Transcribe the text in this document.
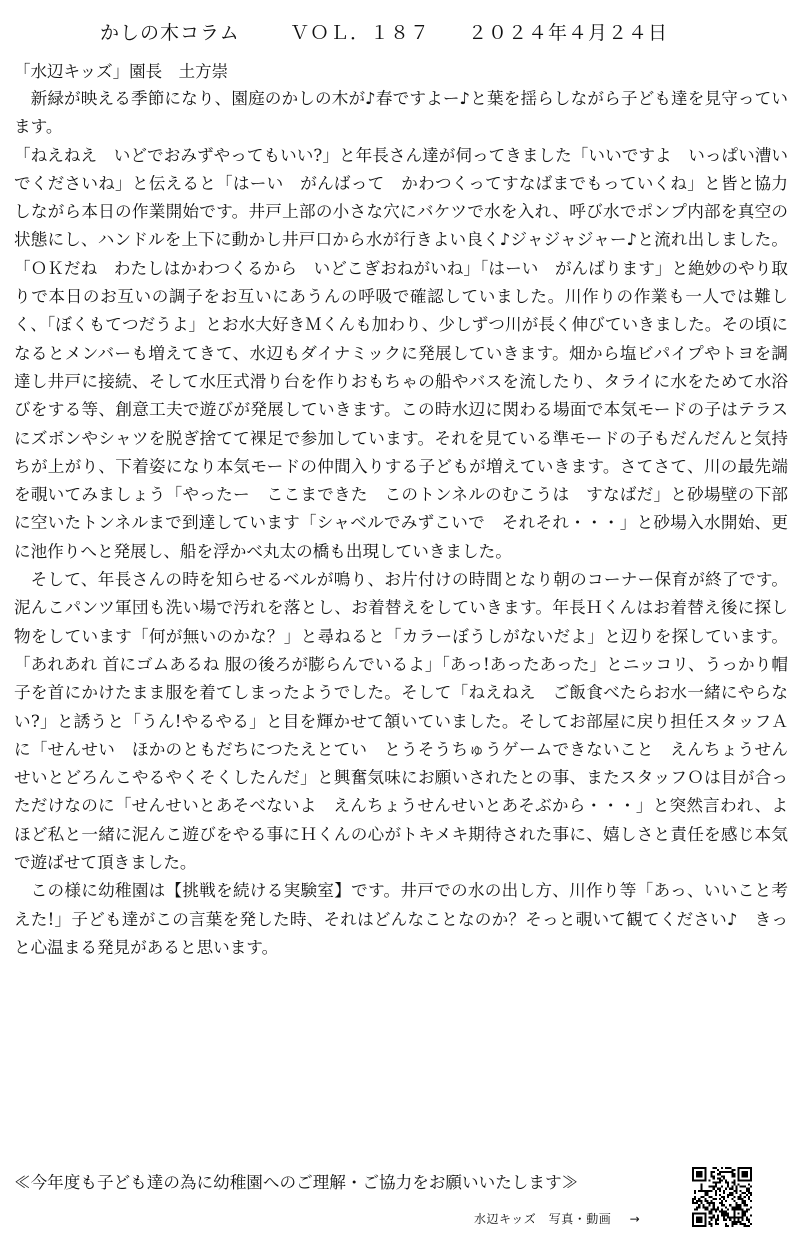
かしの木コラム	ＶＯＬ．１８７ ２０２４年４月２４日
「水辺キッズ」園長　土方崇

新緑が映える季節になり、園庭のかしの木が♪春ですよー♪と葉を揺らしながら子ども達を見守っています。

「ねえねえ　いどでおみずやってもいい?」と年長さん達が伺ってきました「いいですよ　いっぱい漕いでくださいね」と伝えると「はーい　がんばって　かわつくってすなばまでもっていくね」と皆と協力しながら本日の作業開始です。井戸上部の小さな穴にバケツで水を入れ、呼び水でポンプ内部を真空の状態にし、ハンドルを上下に動かし井戸口から水が行きよい良く♪ジャジャジャー♪と流れ出しました。「ＯＫだね　わたしはかわつくるから　いどこぎおねがいね」「はーい　がんばります」と絶妙のやり取りで本日のお互いの調子をお互いにあうんの呼吸で確認していました。川作りの作業も一人では難しく、「ぼくもてつだうよ」とお水大好きＭくんも加わり、少しずつ川が長く伸びていきました。その頃になるとメンバーも増えてきて、水辺もダイナミックに発展していきます。畑から塩ビパイプやトヨを調達し井戸に接続、そして水圧式滑り台を作りおもちゃの船やバスを流したり、タライに水をためて水浴びをする等、創意工夫で遊びが発展していきます。この時水辺に関わる場面で本気モードの子はテラスにズボンやシャツを脱ぎ捨てて裸足で参加しています。それを見ている準モードの子もだんだんと気持ちが上がり、下着姿になり本気モードの仲間入りする子どもが増えていきます。さてさて、川の最先端を覗いてみましょう「やったー　ここまできた　このトンネルのむこうは　すなばだ」と砂場壁の下部に空いたトンネルまで到達しています「シャベルでみずこいで　それそれ・・・」と砂場入水開始、更に池作りへと発展し、船を浮かべ丸太の橋も出現していきました。

そして、年長さんの時を知らせるベルが鳴り、お片付けの時間となり朝のコーナー保育が終了です。泥んこパンツ軍団も洗い場で汚れを落とし、お着替えをしていきます。年長Ｈくんはお着替え後に探し物をしています「何が無いのかな？」と尋ねると「カラーぼうしがないだよ」と辺りを探しています。「あれあれ 首にゴムあるね 服の後ろが膨らんでいるよ」「あっ!あったあった」とニッコリ、うっかり帽子を首にかけたまま服を着てしまったようでした。そして「ねえねえ　ご飯食べたらお水一緒にやらない?」と誘うと「うん!やるやる」と目を輝かせて頷いていました。そしてお部屋に戻り担任スタッフＡに「せんせい　ほかのともだちにつたえとてい　とうそうちゅうゲームできないこと　えんちょうせんせいとどろんこやるやくそくしたんだ」と興奮気味にお願いされたとの事、またスタッフＯは目が合っただけなのに「せんせいとあそべないよ　えんちょうせんせいとあそぶから・・・」と突然言われ、よほど私と一緒に泥んこ遊びをやる事にＨくんの心がトキメキ期待された事に、嬉しさと責任を感じ本気で遊ばせて頂きました。

この様に幼稚園は【挑戦を続ける実験室】です。井戸での水の出し方、川作り等「あっ、いいこと考えた!」子ども達がこの言葉を発した時、それはどんなことなのか？そっと覗いて観てください♪　きっと心温まる発見があると思います。

≪今年度も子ども達の為に幼稚園へのご理解・ご協力をお願いいたします≫
水辺キッズ　写真・動画 →
